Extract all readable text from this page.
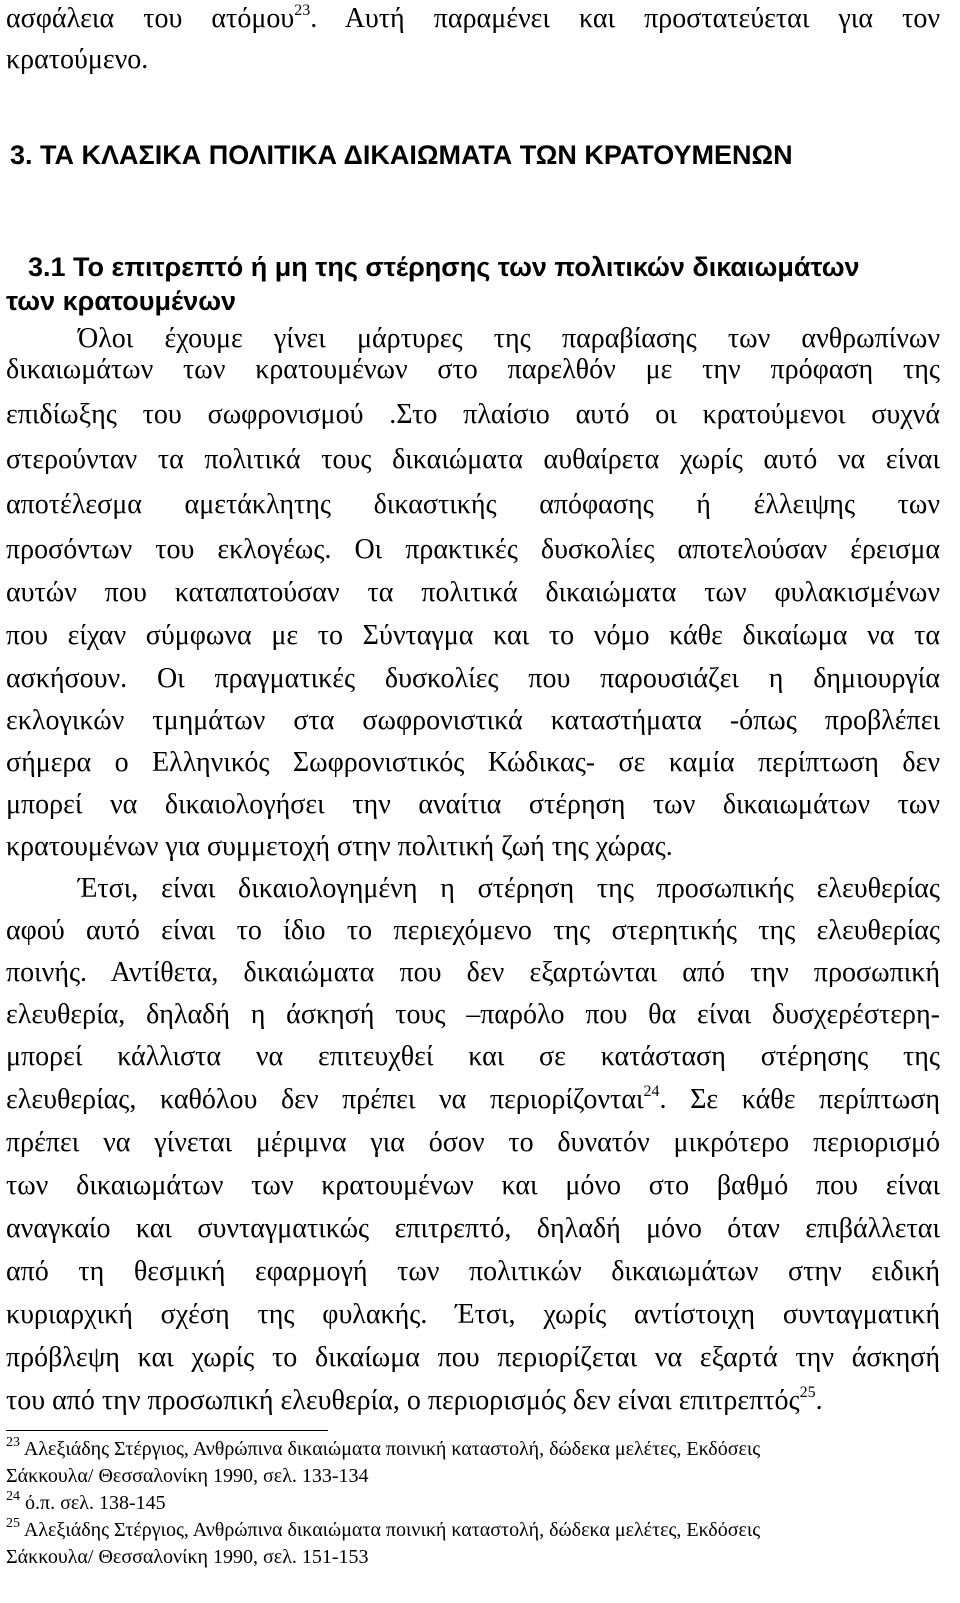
ασφάλεια του ατόμου$^{23}$. Αυτή παραμένει και προστατεύεται για τον
κρατούμενο.
3. ΤΑ ΚΛΑΣΙΚΑ ΠΟΛΙΤΙΚΑ ΔΙΚΑΙΩΜΑΤΑ ΤΩΝ ΚΡΑΤΟΥΜΕΝΩΝ
3.1 Το επιτρεπτό ή μη της στέρησης των πολιτικών δικαιωμάτων
των κρατουμένων
Όλοι έχουμε γίνει μάρτυρες της παραβίασης των ανθρωπίνων
δικαιωμάτων των κρατουμένων στο παρελθόν με την πρόφαση της
επιδίωξης του σωφρονισμού .Στο πλαίσιο αυτό οι κρατούμενοι συχνά
στερούνταν τα πολιτικά τους δικαιώματα αυθαίρετα χωρίς αυτό να είναι
αποτέλεσμα αμετάκλητης δικαστικής απόφασης ή έλλειψης των
προσόντων του εκλογέως. Οι πρακτικές δυσκολίες αποτελούσαν έρεισμα
αυτών που καταπατούσαν τα πολιτικά δικαιώματα των φυλακισμένων
που είχαν σύμφωνα με το Σύνταγμα και το νόμο κάθε δικαίωμα να τα
ασκήσουν. Οι πραγματικές δυσκολίες που παρουσιάζει η δημιουργία
εκλογικών τμημάτων στα σωφρονιστικά καταστήματα -όπως προβλέπει
σήμερα ο Ελληνικός Σωφρονιστικός Κώδικας- σε καμία περίπτωση δεν
μπορεί να δικαιολογήσει την αναίτια στέρηση των δικαιωμάτων των
κρατουμένων για συμμετοχή στην πολιτική ζωή της χώρας.
Έτσι, είναι δικαιολογημένη η στέρηση της προσωπικής ελευθερίας
αφού αυτό είναι το ίδιο το περιεχόμενο της στερητικής της ελευθερίας
ποινής. Αντίθετα, δικαιώματα που δεν εξαρτώνται από την προσωπική
ελευθερία, δηλαδή η άσκησή τους –παρόλο που θα είναι δυσχερέστερη-
μπορεί κάλλιστα να επιτευχθεί και σε κατάσταση στέρησης της
ελευθερίας, καθόλου δεν πρέπει να περιορίζονται$^{24}$. Σε κάθε περίπτωση
πρέπει να γίνεται μέριμνα για όσον το δυνατόν μικρότερο περιορισμό
των δικαιωμάτων των κρατουμένων και μόνο στο βαθμό που είναι
αναγκαίο και συνταγματικώς επιτρεπτό, δηλαδή μόνο όταν επιβάλλεται
από τη θεσμική εφαρμογή των πολιτικών δικαιωμάτων στην ειδική
κυριαρχική σχέση της φυλακής. Έτσι, χωρίς αντίστοιχη συνταγματική
πρόβλεψη και χωρίς το δικαίωμα που περιορίζεται να εξαρτά την άσκησή
του από την προσωπική ελευθερία, ο περιορισμός δεν είναι επιτρεπτός$^{25}$.
$^{23}$ Αλεξιάδης Στέργιος, Ανθρώπινα δικαιώματα ποινική καταστολή, δώδεκα μελέτες, Εκδόσεις
Σάκκουλα/ Θεσσαλονίκη 1990, σελ. 133-134
$^{24}$ ό.π. σελ. 138-145
$^{25}$ Αλεξιάδης Στέργιος, Ανθρώπινα δικαιώματα ποινική καταστολή, δώδεκα μελέτες, Εκδόσεις
Σάκκουλα/ Θεσσαλονίκη 1990, σελ. 151-153
